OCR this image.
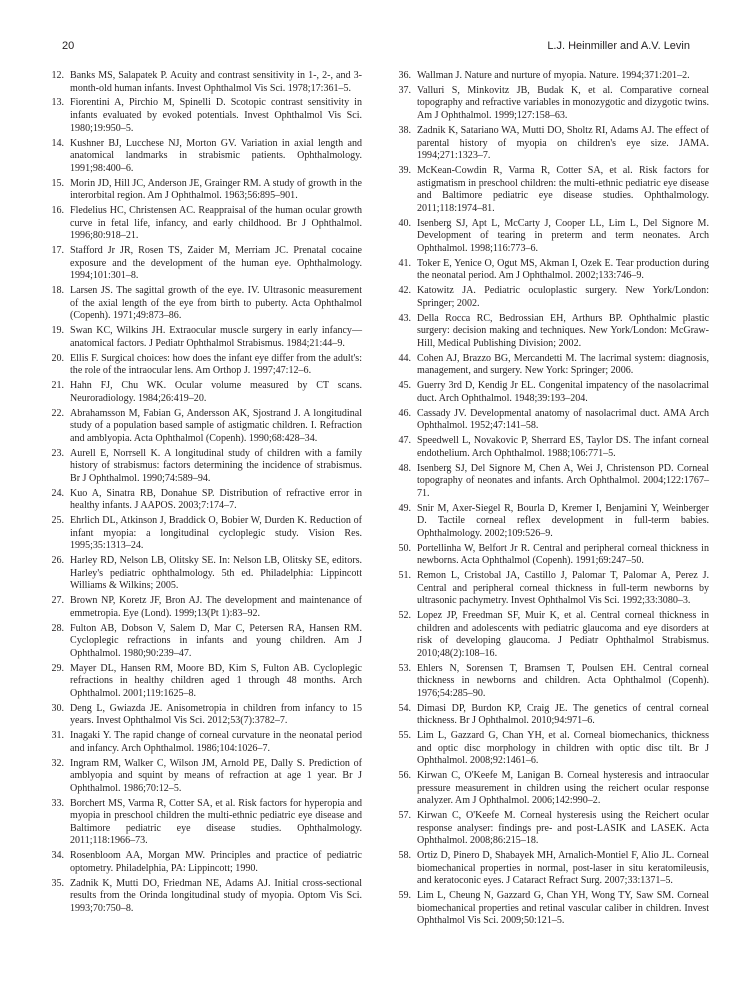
20	L.J. Heinmiller and A.V. Levin
12. Banks MS, Salapatek P. Acuity and contrast sensitivity in 1-, 2-, and 3-month-old human infants. Invest Ophthalmol Vis Sci. 1978;17:361–5.
13. Fiorentini A, Pirchio M, Spinelli D. Scotopic contrast sensitivity in infants evaluated by evoked potentials. Invest Ophthalmol Vis Sci. 1980;19:950–5.
14. Kushner BJ, Lucchese NJ, Morton GV. Variation in axial length and anatomical landmarks in strabismic patients. Ophthalmology. 1991;98:400–6.
15. Morin JD, Hill JC, Anderson JE, Grainger RM. A study of growth in the interorbital region. Am J Ophthalmol. 1963;56:895–901.
16. Fledelius HC, Christensen AC. Reappraisal of the human ocular growth curve in fetal life, infancy, and early childhood. Br J Ophthalmol. 1996;80:918–21.
17. Stafford Jr JR, Rosen TS, Zaider M, Merriam JC. Prenatal cocaine exposure and the development of the human eye. Ophthalmology. 1994;101:301–8.
18. Larsen JS. The sagittal growth of the eye. IV. Ultrasonic measurement of the axial length of the eye from birth to puberty. Acta Ophthalmol (Copenh). 1971;49:873–86.
19. Swan KC, Wilkins JH. Extraocular muscle surgery in early infancy—anatomical factors. J Pediatr Ophthalmol Strabismus. 1984;21:44–9.
20. Ellis F. Surgical choices: how does the infant eye differ from the adult's: the role of the intraocular lens. Am Orthop J. 1997;47:12–6.
21. Hahn FJ, Chu WK. Ocular volume measured by CT scans. Neuroradiology. 1984;26:419–20.
22. Abrahamsson M, Fabian G, Andersson AK, Sjostrand J. A longitudinal study of a population based sample of astigmatic children. I. Refraction and amblyopia. Acta Ophthalmol (Copenh). 1990;68:428–34.
23. Aurell E, Norrsell K. A longitudinal study of children with a family history of strabismus: factors determining the incidence of strabismus. Br J Ophthalmol. 1990;74:589–94.
24. Kuo A, Sinatra RB, Donahue SP. Distribution of refractive error in healthy infants. J AAPOS. 2003;7:174–7.
25. Ehrlich DL, Atkinson J, Braddick O, Bobier W, Durden K. Reduction of infant myopia: a longitudinal cycloplegic study. Vision Res. 1995;35:1313–24.
26. Harley RD, Nelson LB, Olitsky SE. In: Nelson LB, Olitsky SE, editors. Harley's pediatric ophthalmology. 5th ed. Philadelphia: Lippincott Williams & Wilkins; 2005.
27. Brown NP, Koretz JF, Bron AJ. The development and maintenance of emmetropia. Eye (Lond). 1999;13(Pt 1):83–92.
28. Fulton AB, Dobson V, Salem D, Mar C, Petersen RA, Hansen RM. Cycloplegic refractions in infants and young children. Am J Ophthalmol. 1980;90:239–47.
29. Mayer DL, Hansen RM, Moore BD, Kim S, Fulton AB. Cycloplegic refractions in healthy children aged 1 through 48 months. Arch Ophthalmol. 2001;119:1625–8.
30. Deng L, Gwiazda JE. Anisometropia in children from infancy to 15 years. Invest Ophthalmol Vis Sci. 2012;53(7):3782–7.
31. Inagaki Y. The rapid change of corneal curvature in the neonatal period and infancy. Arch Ophthalmol. 1986;104:1026–7.
32. Ingram RM, Walker C, Wilson JM, Arnold PE, Dally S. Prediction of amblyopia and squint by means of refraction at age 1 year. Br J Ophthalmol. 1986;70:12–5.
33. Borchert MS, Varma R, Cotter SA, et al. Risk factors for hyperopia and myopia in preschool children the multi-ethnic pediatric eye disease and Baltimore pediatric eye disease studies. Ophthalmology. 2011;118:1966–73.
34. Rosenbloom AA, Morgan MW. Principles and practice of pediatric optometry. Philadelphia, PA: Lippincott; 1990.
35. Zadnik K, Mutti DO, Friedman NE, Adams AJ. Initial cross-sectional results from the Orinda longitudinal study of myopia. Optom Vis Sci. 1993;70:750–8.
36. Wallman J. Nature and nurture of myopia. Nature. 1994;371:201–2.
37. Valluri S, Minkovitz JB, Budak K, et al. Comparative corneal topography and refractive variables in monozygotic and dizygotic twins. Am J Ophthalmol. 1999;127:158–63.
38. Zadnik K, Satariano WA, Mutti DO, Sholtz RI, Adams AJ. The effect of parental history of myopia on children's eye size. JAMA. 1994;271:1323–7.
39. McKean-Cowdin R, Varma R, Cotter SA, et al. Risk factors for astigmatism in preschool children: the multi-ethnic pediatric eye disease and Baltimore pediatric eye disease studies. Ophthalmology. 2011;118:1974–81.
40. Isenberg SJ, Apt L, McCarty J, Cooper LL, Lim L, Del Signore M. Development of tearing in preterm and term neonates. Arch Ophthalmol. 1998;116:773–6.
41. Toker E, Yenice O, Ogut MS, Akman I, Ozek E. Tear production during the neonatal period. Am J Ophthalmol. 2002;133:746–9.
42. Katowitz JA. Pediatric oculoplastic surgery. New York/London: Springer; 2002.
43. Della Rocca RC, Bedrossian EH, Arthurs BP. Ophthalmic plastic surgery: decision making and techniques. New York/London: McGraw-Hill, Medical Publishing Division; 2002.
44. Cohen AJ, Brazzo BG, Mercandetti M. The lacrimal system: diagnosis, management, and surgery. New York: Springer; 2006.
45. Guerry 3rd D, Kendig Jr EL. Congenital impatency of the nasolacrimal duct. Arch Ophthalmol. 1948;39:193–204.
46. Cassady JV. Developmental anatomy of nasolacrimal duct. AMA Arch Ophthalmol. 1952;47:141–58.
47. Speedwell L, Novakovic P, Sherrard ES, Taylor DS. The infant corneal endothelium. Arch Ophthalmol. 1988;106:771–5.
48. Isenberg SJ, Del Signore M, Chen A, Wei J, Christenson PD. Corneal topography of neonates and infants. Arch Ophthalmol. 2004;122:1767–71.
49. Snir M, Axer-Siegel R, Bourla D, Kremer I, Benjamini Y, Weinberger D. Tactile corneal reflex development in full-term babies. Ophthalmology. 2002;109:526–9.
50. Portellinha W, Belfort Jr R. Central and peripheral corneal thickness in newborns. Acta Ophthalmol (Copenh). 1991;69:247–50.
51. Remon L, Cristobal JA, Castillo J, Palomar T, Palomar A, Perez J. Central and peripheral corneal thickness in full-term newborns by ultrasonic pachymetry. Invest Ophthalmol Vis Sci. 1992;33:3080–3.
52. Lopez JP, Freedman SF, Muir K, et al. Central corneal thickness in children and adolescents with pediatric glaucoma and eye disorders at risk of developing glaucoma. J Pediatr Ophthalmol Strabismus. 2010;48(2):108–16.
53. Ehlers N, Sorensen T, Bramsen T, Poulsen EH. Central corneal thickness in newborns and children. Acta Ophthalmol (Copenh). 1976;54:285–90.
54. Dimasi DP, Burdon KP, Craig JE. The genetics of central corneal thickness. Br J Ophthalmol. 2010;94:971–6.
55. Lim L, Gazzard G, Chan YH, et al. Corneal biomechanics, thickness and optic disc morphology in children with optic disc tilt. Br J Ophthalmol. 2008;92:1461–6.
56. Kirwan C, O'Keefe M, Lanigan B. Corneal hysteresis and intraocular pressure measurement in children using the reichert ocular response analyzer. Am J Ophthalmol. 2006;142:990–2.
57. Kirwan C, O'Keefe M. Corneal hysteresis using the Reichert ocular response analyser: findings pre- and post-LASIK and LASEK. Acta Ophthalmol. 2008;86:215–18.
58. Ortiz D, Pinero D, Shabayek MH, Arnalich-Montiel F, Alio JL. Corneal biomechanical properties in normal, post-laser in situ keratomileusis, and keratoconic eyes. J Cataract Refract Surg. 2007;33:1371–5.
59. Lim L, Cheung N, Gazzard G, Chan YH, Wong TY, Saw SM. Corneal biomechanical properties and retinal vascular caliber in children. Invest Ophthalmol Vis Sci. 2009;50:121–5.
